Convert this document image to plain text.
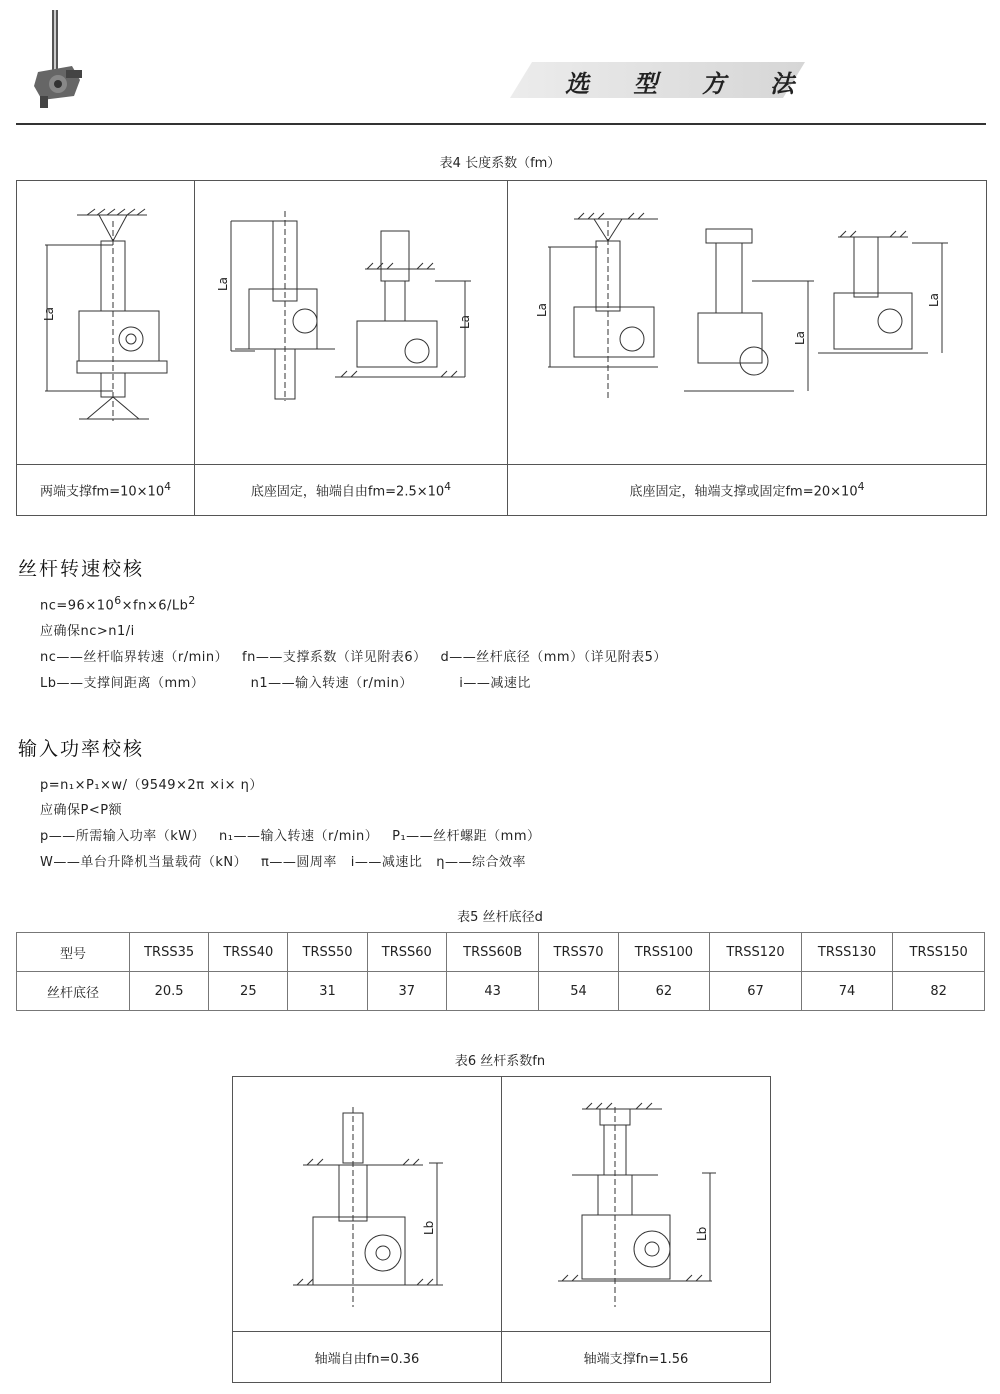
选 型 方 法
表4 长度系数（fm）
La	La
La	La
La
La

两端支撑$fm=10\times 10^4$	底座固定，轴端自由$fm=2.5\times 10^4$	底座固定，轴端支撑或固定$fm=20\times 10^4$
丝杆转速校核
$nc=96\times 10^6\times fn\times 6/Lb^2$
应确保nc>n1/i
nc——丝杆临界转速（r/min）   fn——支撑系数（详见附表6）   d——丝杆底径（mm）（详见附表5）
Lb——支撑间距离（mm）          n1——输入转速（r/min）          i——减速比
输入功率校核
p=n₁×P₁×w/（9549×2π ×i× η）
应确保P<P额
p——所需输入功率（kW）   n₁——输入转速（r/min）   P₁——丝杆螺距（mm）
W——单台升降机当量载荷（kN）   π——圆周率   i——减速比   η——综合效率
表5 丝杆底径d
型号	TRSS35	TRSS40	TRSS50	TRSS60	TRSS60B	TRSS70	TRSS100	TRSS120	TRSS130	TRSS150
丝杆底径	20.5	25	31	37	43	54	62	67	74	82
表6 丝杆系数fn
Lb	Lb

轴端自由fn=0.36	轴端支撑fn=1.56
